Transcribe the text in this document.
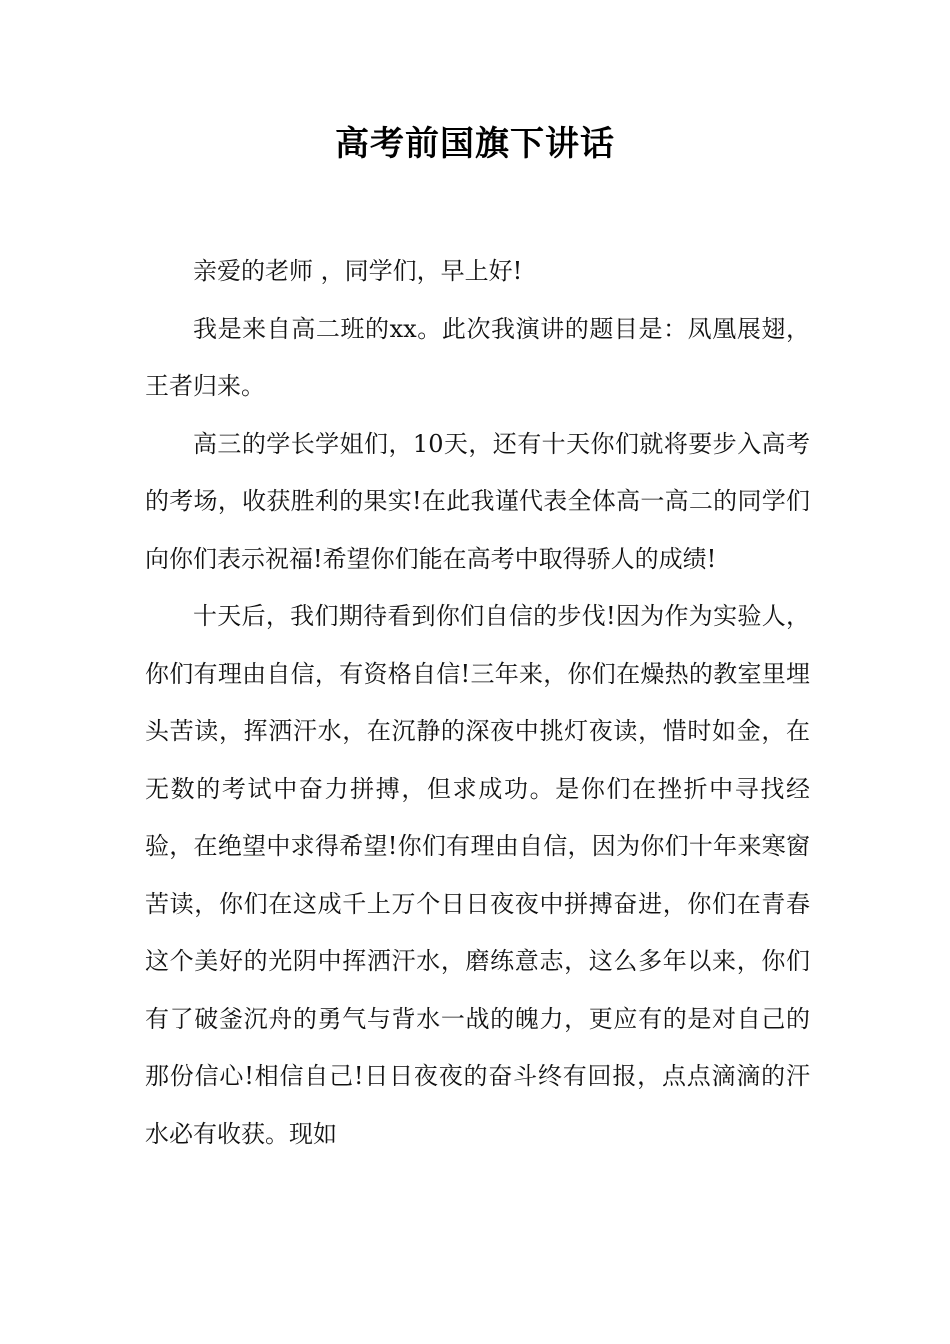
高考前国旗下讲话

亲爱的老师 ，同学们，早上好!

我是来自高二班的xx。此次我演讲的题目是：凤凰展翅，王者归来。

高三的学长学姐们，10天，还有十天你们就将要步入高考的考场，收获胜利的果实!在此我谨代表全体高一高二的同学们向你们表示祝福!希望你们能在高考中取得骄人的成绩!

十天后，我们期待看到你们自信的步伐!因为作为实验人，你们有理由自信，有资格自信!三年来，你们在燥热的教室里埋头苦读，挥洒汗水，在沉静的深夜中挑灯夜读，惜时如金，在无数的考试中奋力拼搏，但求成功。是你们在挫折中寻找经验，在绝望中求得希望!你们有理由自信，因为你们十年来寒窗苦读，你们在这成千上万个日日夜夜中拼搏奋进，你们在青春这个美好的光阴中挥洒汗水，磨练意志，这么多年以来，你们有了破釜沉舟的勇气与背水一战的魄力，更应有的是对自己的那份信心!相信自己!日日夜夜的奋斗终有回报，点点滴滴的汗水必有收获。现如
